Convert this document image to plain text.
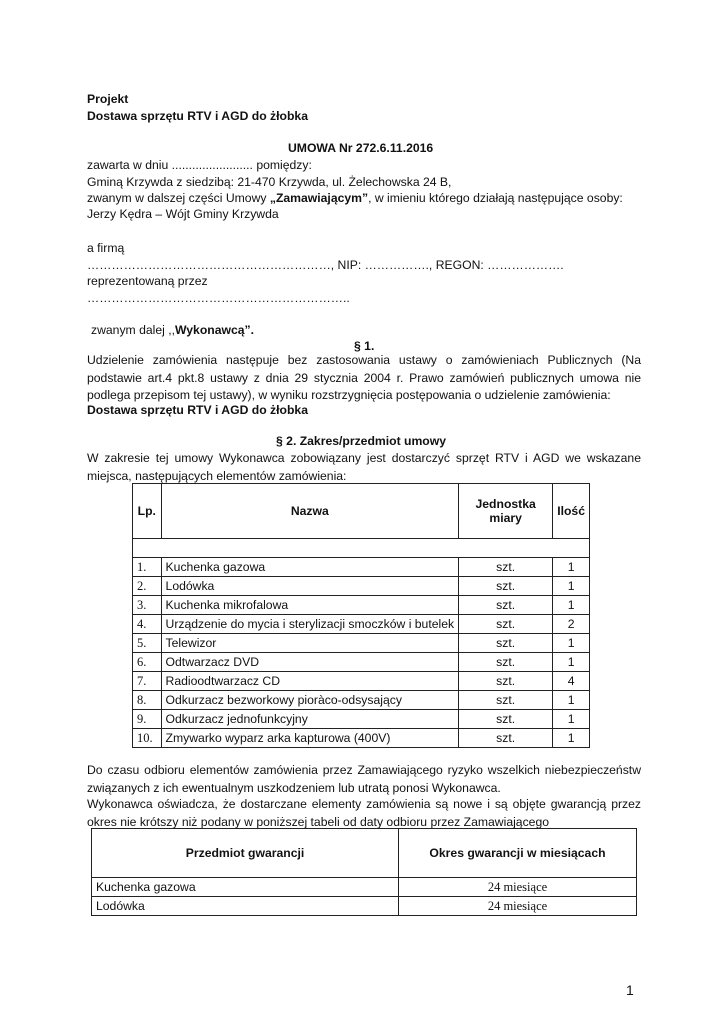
Projekt
Dostawa sprzętu RTV i AGD do żłobka
UMOWA Nr 272.6.11.2016
zawarta w dniu ........................ pomiędzy:
Gminą Krzywda z siedzibą: 21-470 Krzywda, ul. Żelechowska 24 B,
zwanym w dalszej części Umowy „Zamawiającym”, w imieniu którego działają następujące osoby:
Jerzy Kędra – Wójt Gminy Krzywda
a firmą
……………………………………………………, NIP: ……………., REGON: ……………….
reprezentowaną przez
………………………………………………………..
zwanym dalej ,,Wykonawcą”.
§ 1.
Udzielenie zamówienia następuje bez zastosowania ustawy o zamówieniach Publicznych (Na podstawie art.4 pkt.8 ustawy z dnia 29 stycznia 2004 r. Prawo zamówień publicznych umowa nie podlega przepisom tej ustawy), w wyniku rozstrzygnięcia postępowania o udzielenie zamówienia:
Dostawa sprzętu RTV i AGD do żłobka
§ 2. Zakres/przedmiot umowy
W zakresie tej umowy Wykonawca zobowiązany jest dostarczyć sprzęt RTV i AGD we wskazane miejsca, następujących elementów zamówienia:
Lp.	Nazwa	Jednostka miary	Ilość

1.	Kuchenka gazowa	szt.	1
2.	Lodówka	szt.	1
3.	Kuchenka mikrofalowa	szt.	1
4.	Urządzenie do mycia i sterylizacji smoczków i butelek	szt.	2
5.	Telewizor	szt.	1
6.	Odtwarzacz DVD	szt.	1
7.	Radioodtwarzacz CD	szt.	4
8.	Odkurzacz bezworkowy pioràco-odsysający	szt.	1
9.	Odkurzacz jednofunkcyjny	szt.	1
10.	Zmywarko wyparz arka kapturowa (400V)	szt.	1
Do czasu odbioru elementów zamówienia przez Zamawiającego ryzyko wszelkich niebezpieczeństw związanych z ich ewentualnym uszkodzeniem lub utratą ponosi Wykonawca.
Wykonawca oświadcza, że dostarczane elementy zamówienia są nowe i są objęte gwarancją przez okres nie krótszy niż podany w poniższej tabeli od daty odbioru przez Zamawiającego
Przedmiot gwarancji	Okres gwarancji w miesiącach
Kuchenka gazowa	24 miesiące
Lodówka	24 miesiące
1
